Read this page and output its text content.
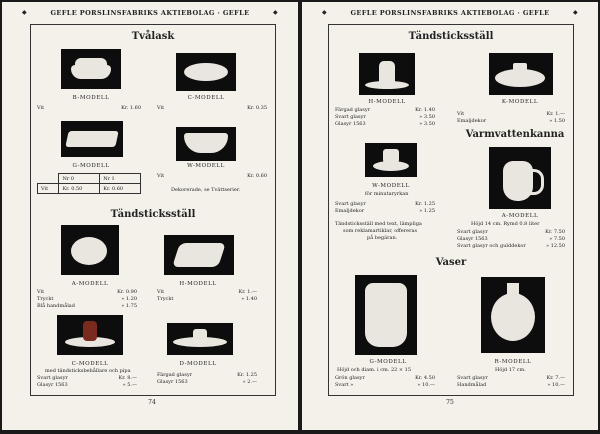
◆	GEFLE PORSLINSFABRIKS AKTIEBOLAG · GEFLE	◆
Tvålask
B-MODELL
Vit	Kr. 1.60
C-MODELL
Vit	Kr. 0.35
G-MODELL
	Nr 0	Nr 1
Vit	Kr. 0.50	Kr. 0.60
W-MODELL
Vit	Kr. 0.60
Dekorerade, se Tvättserier.
Tändsticksställ
A-MODELL
Vit	Kr. 0.90
Tryckt	» 1.20
Blå handmålad	» 1.75
H-MODELL
Vit	Kr. 1.—
Tryckt	» 1.40
C-MODELL
med tändsticksbehållare och pipa
Svart glasyr	Kr. 8.—
Glasyr 1563	» 5.—
D-MODELL
Färgad glasyr	Kr. 1.25
Glasyr 1563	» 2.—
74
◆	GEFLE PORSLINSFABRIKS AKTIEBOLAG · GEFLE	◆
Tändsticksställ
H-MODELL
Färgad glasyr	Kr. 1.40
Svart glasyr	» 3.50
Glasyr 1563	» 3.50
K-MODELL
Vit	Kr. 1.—
Emaljdekor	» 1.50
Varmvattenkanna
W-MODELL
för minutaryrkan
Svart glasyr	Kr. 1.25
Emaljdekor	» 1.25
Tändsticksställ med text, lämpliga
som reklamartiklar, offereras
på begäran.
A-MODELL
Höjd 14 cm. Rymd 0.8 liter
Svart glasyr	Kr. 7.50
Glasyr 1563	» 7.50
Svart glasyr och gulddekor	» 12.50
Vaser
G-MODELL
Höjd och diam. i cm. 22 × 15
Grön glasyr	Kr. 4.50
Svart »	» 10.—
R-MODELL
Höjd 17 cm.
Svart glasyr	Kr. 7.—
Handmålad	» 10.—
75
